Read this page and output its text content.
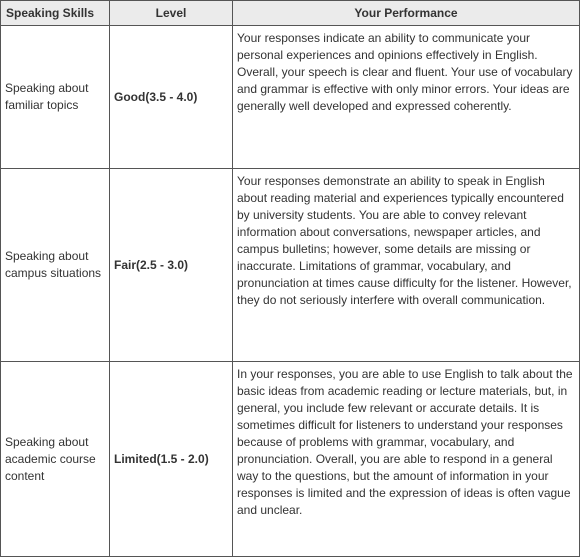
Speaking Skills	Level	Your Performance
Speaking about familiar topics	Good(3.5 - 4.0)	Your responses indicate an ability to communicate your personal experiences and opinions effectively in English. Overall, your speech is clear and fluent. Your use of vocabulary and grammar is effective with only minor errors. Your ideas are generally well developed and expressed coherently.
Speaking about campus situations	Fair(2.5 - 3.0)	Your responses demonstrate an ability to speak in English about reading material and experiences typically encountered by university students. You are able to convey relevant information about conversations, newspaper articles, and campus bulletins; however, some details are missing or inaccurate. Limitations of grammar, vocabulary, and pronunciation at times cause difficulty for the listener. However, they do not seriously interfere with overall communication.
Speaking about academic course content	Limited(1.5 - 2.0)	In your responses, you are able to use English to talk about the basic ideas from academic reading or lecture materials, but, in general, you include few relevant or accurate details. It is sometimes difficult for listeners to understand your responses because of problems with grammar, vocabulary, and pronunciation. Overall, you are able to respond in a general way to the questions, but the amount of information in your responses is limited and the expression of ideas is often vague and unclear.
